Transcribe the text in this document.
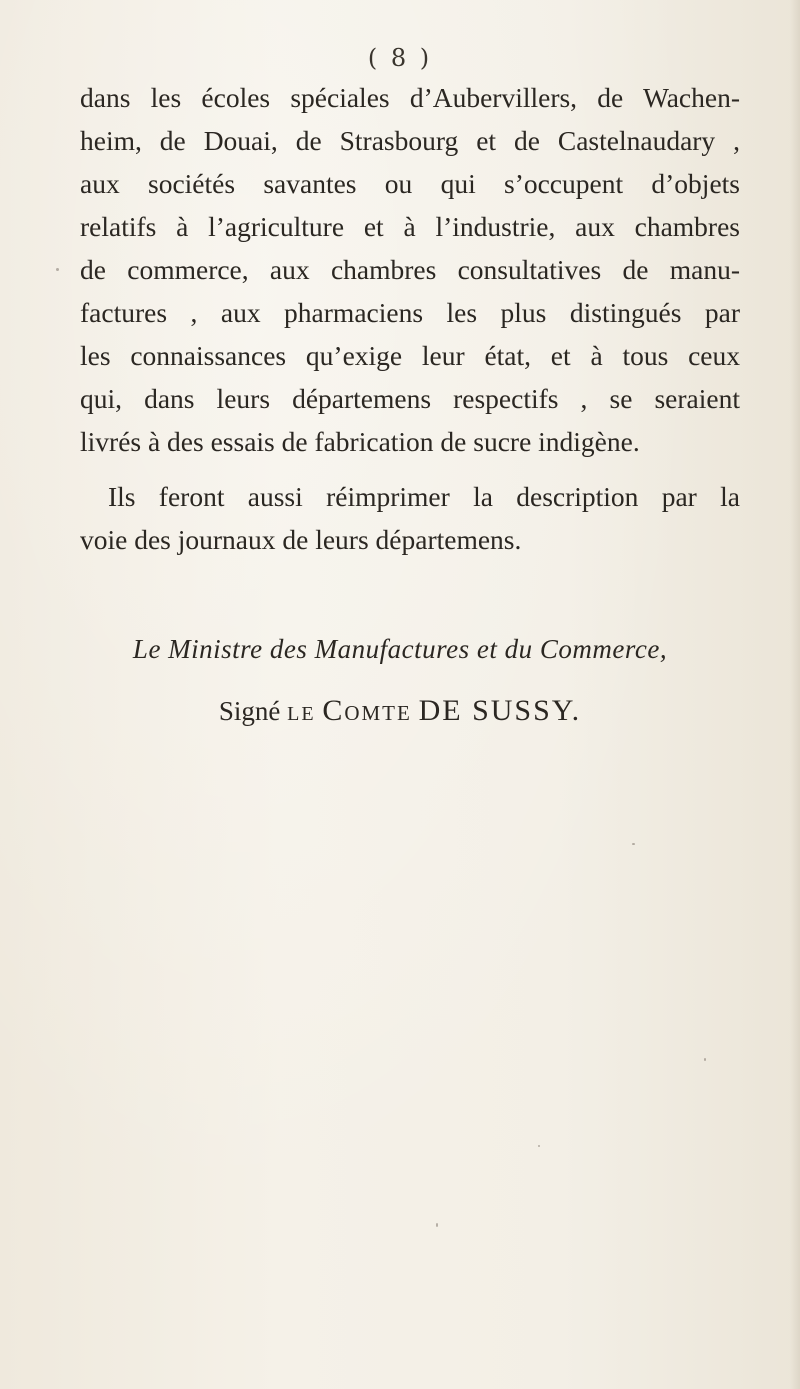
( 8 )
dans les écoles spéciales d’Aubervillers, de Wachen-
heim, de Douai, de Strasbourg et de Castelnaudary ,
aux sociétés savantes ou qui s’occupent d’objets
relatifs à l’agriculture et à l’industrie, aux chambres
de commerce, aux chambres consultatives de manu-
factures , aux pharmaciens les plus distingués par
les connaissances qu’exige leur état, et à tous ceux
qui, dans leurs départemens respectifs , se seraient
livrés à des essais de fabrication de sucre indigène.
Ils feront aussi réimprimer la description par la
voie des journaux de leurs départemens.
Le Ministre des Manufactures et du Commerce,
Signé LE Comte DE SUSSY.
